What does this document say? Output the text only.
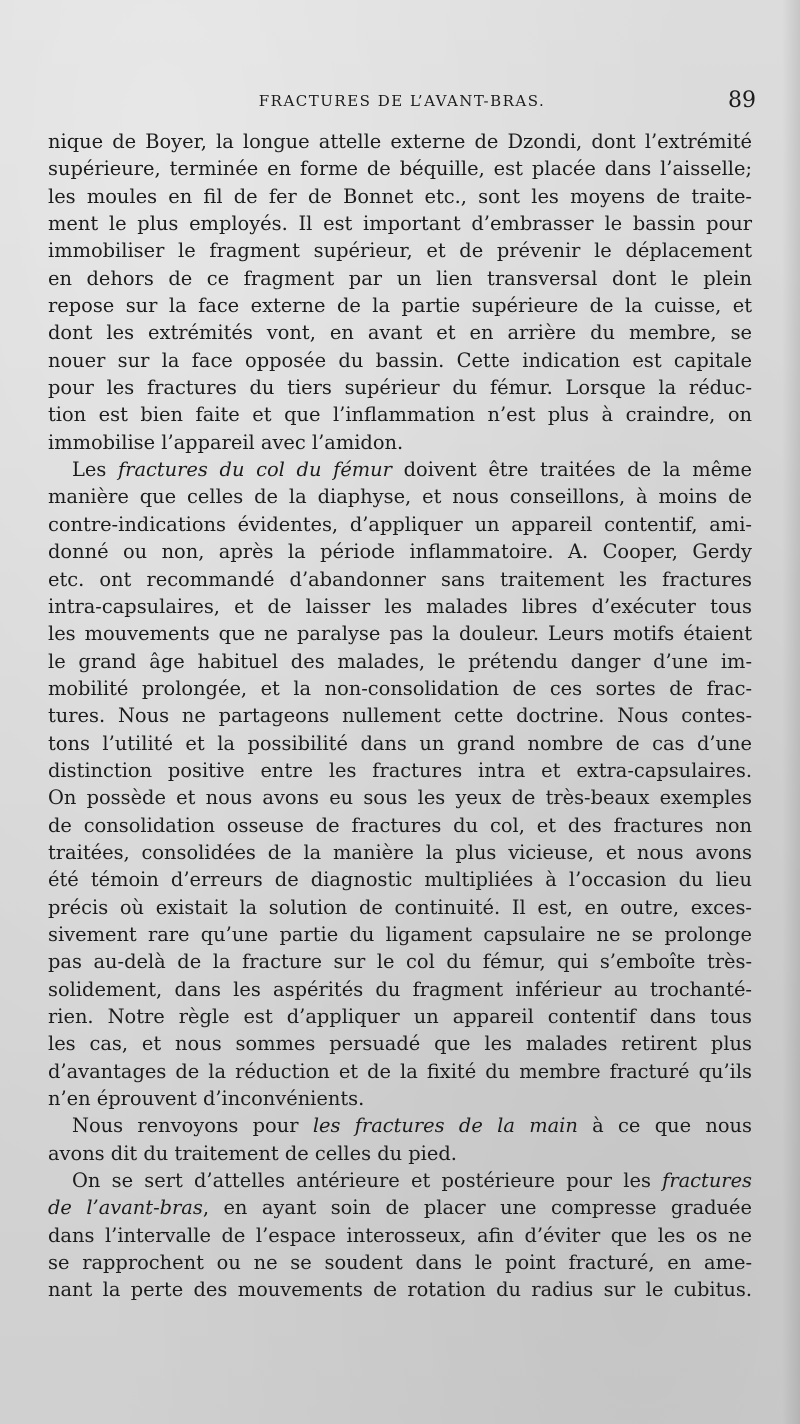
FRACTURES DE L’AVANT-BRAS.	89
nique de Boyer, la longue attelle externe de Dzondi, dont l’extrémité
supérieure, terminée en forme de béquille, est placée dans l’aisselle;
les moules en fil de fer de Bonnet etc., sont les moyens de traite-
ment le plus employés. Il est important d’embrasser le bassin pour
immobiliser le fragment supérieur, et de prévenir le déplacement
en dehors de ce fragment par un lien transversal dont le plein
repose sur la face externe de la partie supérieure de la cuisse, et
dont les extrémités vont, en avant et en arrière du membre, se
nouer sur la face opposée du bassin. Cette indication est capitale
pour les fractures du tiers supérieur du fémur. Lorsque la réduc-
tion est bien faite et que l’inflammation n’est plus à craindre, on
immobilise l’appareil avec l’amidon.
Les fractures du col du fémur doivent être traitées de la même
manière que celles de la diaphyse, et nous conseillons, à moins de
contre-indications évidentes, d’appliquer un appareil contentif, ami-
donné ou non, après la période inflammatoire. A. Cooper, Gerdy
etc. ont recommandé d’abandonner sans traitement les fractures
intra-capsulaires, et de laisser les malades libres d’exécuter tous
les mouvements que ne paralyse pas la douleur. Leurs motifs étaient
le grand âge habituel des malades, le prétendu danger d’une im-
mobilité prolongée, et la non-consolidation de ces sortes de frac-
tures. Nous ne partageons nullement cette doctrine. Nous contes-
tons l’utilité et la possibilité dans un grand nombre de cas d’une
distinction positive entre les fractures intra et extra-capsulaires.
On possède et nous avons eu sous les yeux de très-beaux exemples
de consolidation osseuse de fractures du col, et des fractures non
traitées, consolidées de la manière la plus vicieuse, et nous avons
été témoin d’erreurs de diagnostic multipliées à l’occasion du lieu
précis où existait la solution de continuité. Il est, en outre, exces-
sivement rare qu’une partie du ligament capsulaire ne se prolonge
pas au-delà de la fracture sur le col du fémur, qui s’emboîte très-
solidement, dans les aspérités du fragment inférieur au trochanté-
rien. Notre règle est d’appliquer un appareil contentif dans tous
les cas, et nous sommes persuadé que les malades retirent plus
d’avantages de la réduction et de la fixité du membre fracturé qu’ils
n’en éprouvent d’inconvénients.
Nous renvoyons pour les fractures de la main à ce que nous
avons dit du traitement de celles du pied.
On se sert d’attelles antérieure et postérieure pour les fractures
de l’avant-bras, en ayant soin de placer une compresse graduée
dans l’intervalle de l’espace interosseux, afin d’éviter que les os ne
se rapprochent ou ne se soudent dans le point fracturé, en ame-
nant la perte des mouvements de rotation du radius sur le cubitus.
